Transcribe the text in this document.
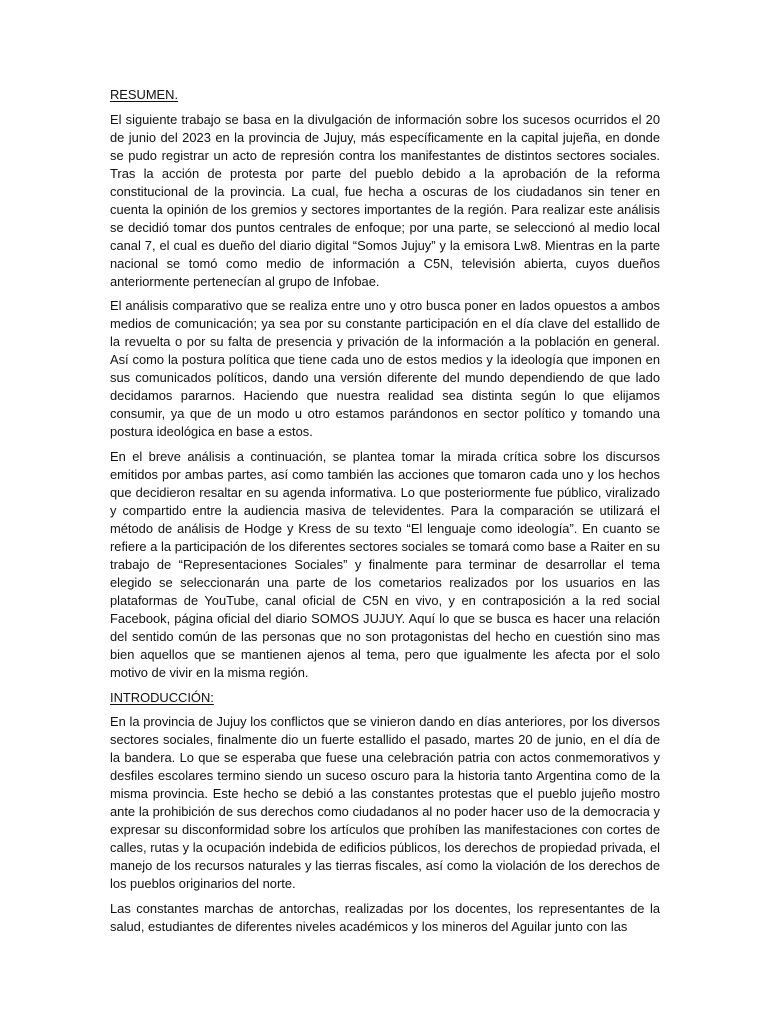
RESUMEN.

El siguiente trabajo se basa en la divulgación de información sobre los sucesos ocurridos el 20 de junio del 2023 en la provincia de Jujuy, más específicamente en la capital jujeña, en donde se pudo registrar un acto de represión contra los manifestantes de distintos sectores sociales. Tras la acción de protesta por parte del pueblo debido a la aprobación de la reforma constitucional de la provincia. La cual, fue hecha a oscuras de los ciudadanos sin tener en cuenta la opinión de los gremios y sectores importantes de la región. Para realizar este análisis se decidió tomar dos puntos centrales de enfoque; por una parte, se seleccionó al medio local canal 7, el cual es dueño del diario digital “Somos Jujuy” y la emisora Lw8. Mientras en la parte nacional se tomó como medio de información a C5N, televisión abierta, cuyos dueños anteriormente pertenecían al grupo de Infobae.

El análisis comparativo que se realiza entre uno y otro busca poner en lados opuestos a ambos medios de comunicación; ya sea por su constante participación en el día clave del estallido de la revuelta o por su falta de presencia y privación de la información a la población en general. Así como la postura política que tiene cada uno de estos medios y la ideología que imponen en sus comunicados políticos, dando una versión diferente del mundo dependiendo de que lado decidamos pararnos. Haciendo que nuestra realidad sea distinta según lo que elijamos consumir, ya que de un modo u otro estamos parándonos en sector político y tomando una postura ideológica en base a estos.

En el breve análisis a continuación, se plantea tomar la mirada crítica sobre los discursos emitidos por ambas partes, así como también las acciones que tomaron cada uno y los hechos que decidieron resaltar en su agenda informativa. Lo que posteriormente fue público, viralizado y compartido entre la audiencia masiva de televidentes. Para la comparación se utilizará el método de análisis de Hodge y Kress de su texto “El lenguaje como ideología”. En cuanto se refiere a la participación de los diferentes sectores sociales se tomará como base a Raiter en su trabajo de “Representaciones Sociales” y finalmente para terminar de desarrollar el tema elegido se seleccionarán una parte de los cometarios realizados por los usuarios en las plataformas de YouTube, canal oficial de C5N en vivo, y en contraposición a la red social Facebook, página oficial del diario SOMOS JUJUY. Aquí lo que se busca es hacer una relación del sentido común de las personas que no son protagonistas del hecho en cuestión sino mas bien aquellos que se mantienen ajenos al tema, pero que igualmente les afecta por el solo motivo de vivir en la misma región.

INTRODUCCIÓN:

En la provincia de Jujuy los conflictos que se vinieron dando en días anteriores, por los diversos sectores sociales, finalmente dio un fuerte estallido el pasado, martes 20 de junio, en el día de la bandera. Lo que se esperaba que fuese una celebración patria con actos conmemorativos y desfiles escolares termino siendo un suceso oscuro para la historia tanto Argentina como de la misma provincia. Este hecho se debió a las constantes protestas que el pueblo jujeño mostro ante la prohibición de sus derechos como ciudadanos al no poder hacer uso de la democracia y expresar su disconformidad sobre los artículos que prohíben las manifestaciones con cortes de calles, rutas y la ocupación indebida de edificios públicos, los derechos de propiedad privada, el manejo de los recursos naturales y las tierras fiscales, así como la violación de los derechos de los pueblos originarios del norte.

Las constantes marchas de antorchas, realizadas por los docentes, los representantes de la salud, estudiantes de diferentes niveles académicos y los mineros del Aguilar junto con las
